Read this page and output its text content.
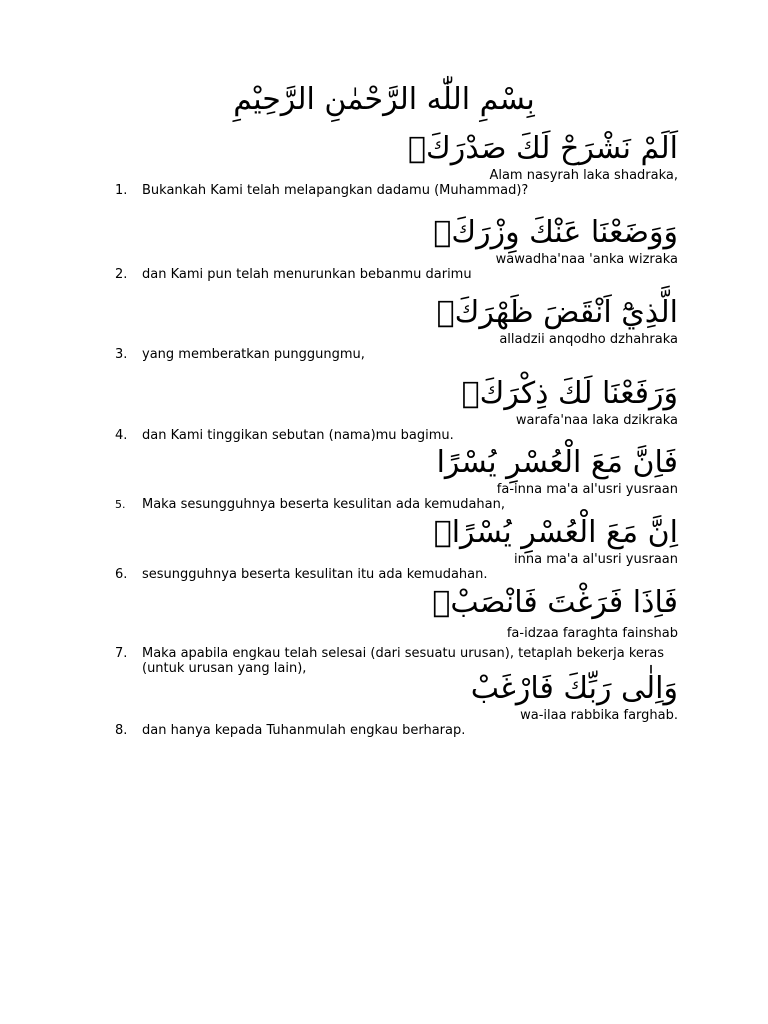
بِسْمِ اللّٰه الرَّحْمٰنِ الرَّحِيْمِ
اَلَمْ نَشْرَحْ لَكَ صَدْرَكَۙ
Alam nasyrah laka shadraka,
1.	Bukankah Kami telah melapangkan dadamu (Muhammad)?
وَوَضَعْنَا عَنْكَ وِزْرَكَۙ
wawadha'naa 'anka wizraka
2.	dan Kami pun telah menurunkan bebanmu darimu
الَّذِيْٓ اَنْقَضَ ظَهْرَكَۙ
alladzii anqodho dzhahraka
3.	yang memberatkan punggungmu,
وَرَفَعْنَا لَكَ ذِكْرَكَۗ
warafa'naa laka dzikraka
4.	dan Kami tinggikan sebutan (nama)mu bagimu.
فَاِنَّ مَعَ الْعُسْرِ يُسْرًا
fa-inna ma'a al'usri yusraan
5.	Maka sesungguhnya beserta kesulitan ada kemudahan,
اِنَّ مَعَ الْعُسْرِ يُسْرًاۗ
inna ma'a al'usri yusraan
6.	sesungguhnya beserta kesulitan itu ada kemudahan.
فَاِذَا فَرَغْتَ فَانْصَبْۙ
fa-idzaa faraghta fainshab
7.	Maka apabila engkau telah selesai (dari sesuatu urusan), tetaplah bekerja keras (untuk urusan yang lain),
وَاِلٰى رَبِّكَ فَارْغَبْ
wa-ilaa rabbika farghab.
8.	dan hanya kepada Tuhanmulah engkau berharap.
